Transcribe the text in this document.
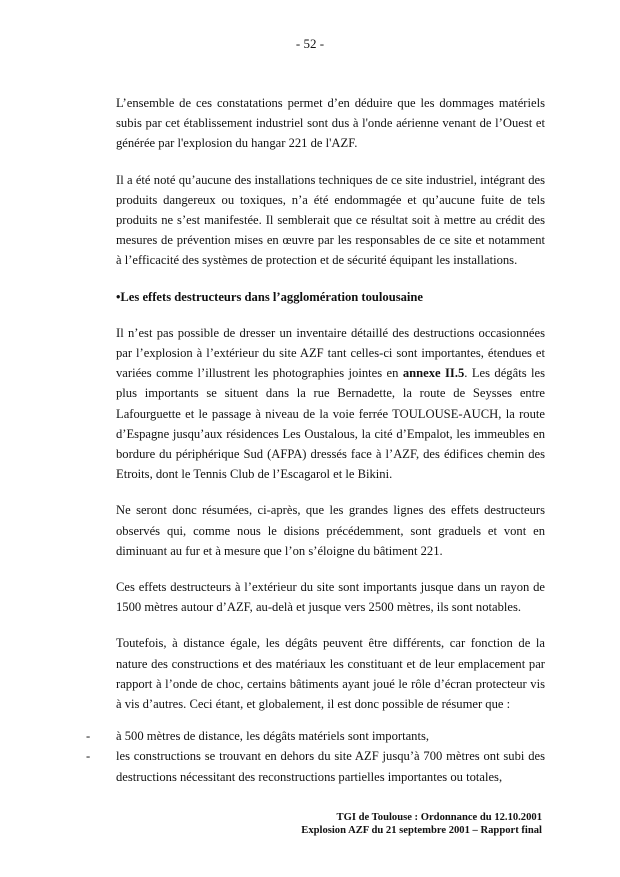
- 52 -

L’ensemble de ces constatations permet d’en déduire que les dommages matériels subis par cet établissement industriel sont dus à l'onde aérienne venant de l’Ouest et générée par l'explosion du hangar 221 de l'AZF.

Il a été noté qu’aucune des installations techniques de ce site industriel, intégrant des produits dangereux ou toxiques, n’a été endommagée et qu’aucune fuite de tels produits ne s’est manifestée. Il semblerait que ce résultat soit à mettre au crédit des mesures de prévention mises en œuvre par les responsables de ce site et notamment à l’efficacité des systèmes de protection et de sécurité équipant les installations.

•Les effets destructeurs dans l’agglomération toulousaine

Il n’est pas possible de dresser un inventaire détaillé des destructions occasionnées par l’explosion à l’extérieur du site AZF tant celles-ci sont importantes, étendues et variées comme l’illustrent les photographies jointes en annexe II.5. Les dégâts les plus importants se situent dans la rue Bernadette, la route de Seysses entre Lafourguette et le passage à niveau de la voie ferrée TOULOUSE-AUCH, la route d’Espagne jusqu’aux résidences Les Oustalous, la cité d’Empalot, les immeubles en bordure du périphérique Sud (AFPA) dressés face à l’AZF, des édifices chemin des Etroits, dont le Tennis Club de l’Escagarol et le Bikini.

Ne seront donc résumées, ci-après, que les grandes lignes des effets destructeurs observés qui, comme nous le disions précédemment, sont graduels et vont en diminuant au fur et à mesure que l’on s’éloigne du bâtiment 221.

Ces effets destructeurs à l’extérieur du site sont importants jusque dans un rayon de 1500 mètres autour d’AZF, au-delà et jusque vers 2500 mètres, ils sont notables.

Toutefois, à distance égale, les dégâts peuvent être différents, car fonction de la nature des constructions et des matériaux les constituant et de leur emplacement par rapport à l’onde de choc, certains bâtiments ayant joué le rôle d’écran protecteur vis à vis d’autres. Ceci étant, et globalement, il est donc possible de résumer que :

- à 500 mètres de distance, les dégâts matériels sont importants,
- les constructions se trouvant en dehors du site AZF jusqu’à 700 mètres ont subi des destructions nécessitant des reconstructions partielles importantes ou totales,
TGI de Toulouse : Ordonnance du 12.10.2001
Explosion AZF du 21 septembre 2001 – Rapport final
